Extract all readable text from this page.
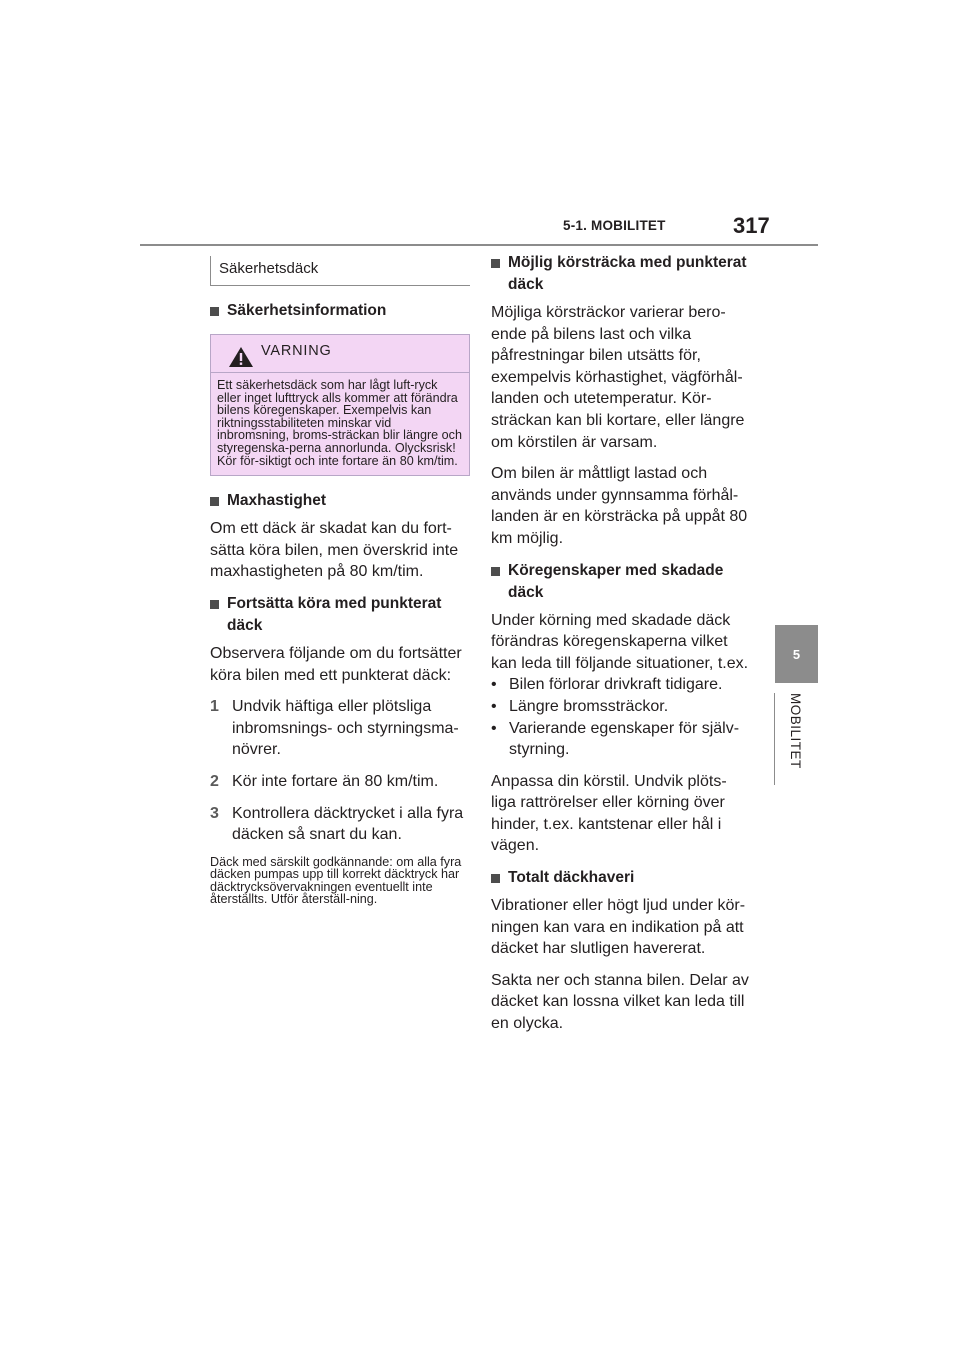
5-1. MOBILITET	317
5
MOBILITET
Säkerhetsdäck
Säkerhetsinformation
VARNING
Ett säkerhetsdäck som har lågt luft-ryck eller inget lufttryck alls kommer att förändra bilens köregenskaper. Exempelvis kan riktningsstabiliteten minskar vid inbromsning, broms-sträckan blir längre och styregenska-perna annorlunda. Olycksrisk! Kör för-siktigt och inte fortare än 80 km/tim.
Maxhastighet

Om ett däck är skadat kan du fort-sätta köra bilen, men överskrid inte maxhastigheten på 80 km/tim.

Fortsätta köra med punkterat däck

Observera följande om du fortsätter köra bilen med ett punkterat däck:

1 Undvik häftiga eller plötsliga inbromsnings- och styrningsma-növrer.
2 Kör inte fortare än 80 km/tim.
3 Kontrollera däcktrycket i alla fyra däcken så snart du kan.

Däck med särskilt godkännande: om alla fyra däcken pumpas upp till korrekt däcktryck har däcktrycksövervakningen eventuellt inte återställts. Utför återställ-ning.

Möjlig körsträcka med punkterat däck

Möjliga körsträckor varierar bero-ende på bilens last och vilka påfrestningar bilen utsätts för, exempelvis körhastighet, vägförhål-landen och utetemperatur. Kör-sträckan kan bli kortare, eller längre om körstilen är varsam.

Om bilen är måttligt lastad och används under gynnsamma förhål-landen är en körsträcka på uppåt 80 km möjlig.

Köregenskaper med skadade däck

Under körning med skadade däck förändras köregenskaperna vilket kan leda till följande situationer, t.ex.

• Bilen förlorar drivkraft tidigare.
• Längre bromssträckor.
• Varierande egenskaper för själv-styrning.

Anpassa din körstil. Undvik plöts-liga rattrörelser eller körning över hinder, t.ex. kantstenar eller hål i vägen.

Totalt däckhaveri

Vibrationer eller högt ljud under kör-ningen kan vara en indikation på att däcket har slutligen havererat.

Sakta ner och stanna bilen. Delar av däcket kan lossna vilket kan leda till en olycka.
